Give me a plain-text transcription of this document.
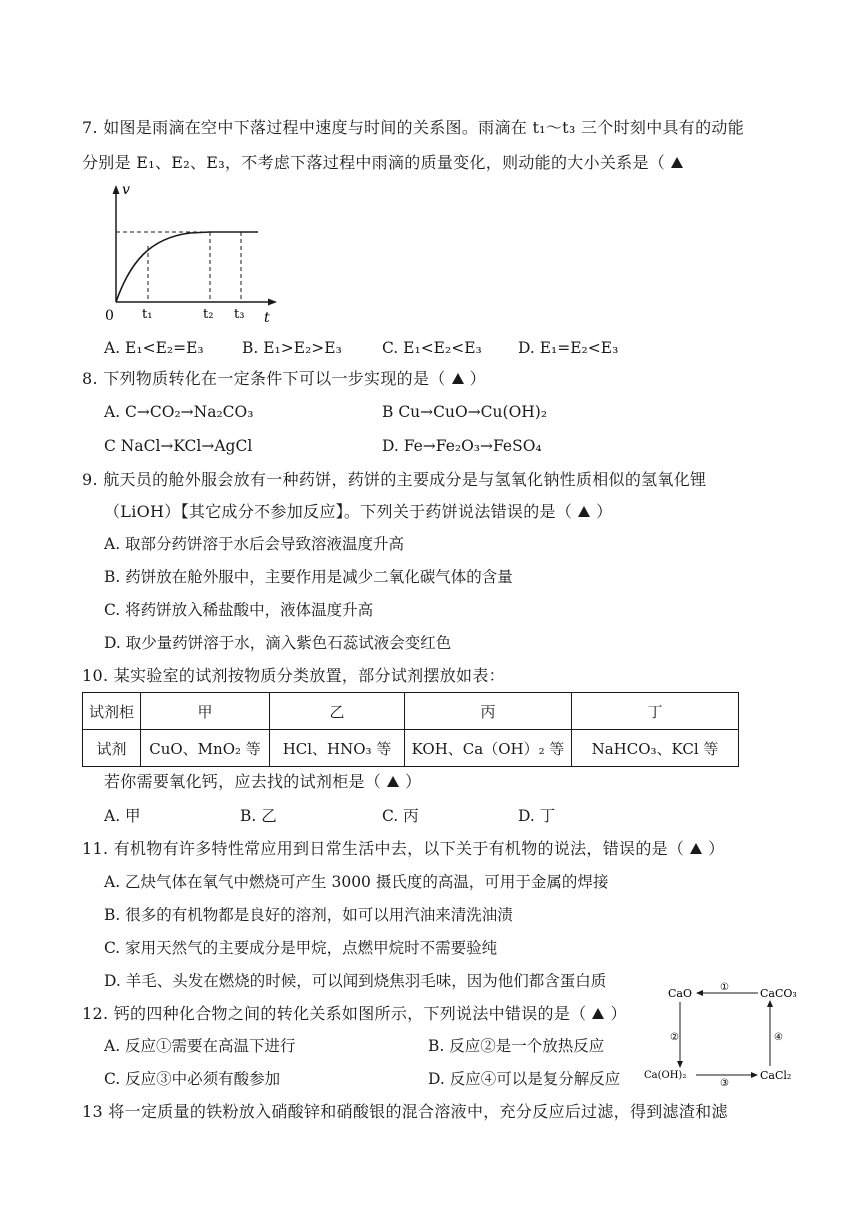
7. 如图是雨滴在空中下落过程中速度与时间的关系图。雨滴在 t₁～t₃ 三个时刻中具有的动能
分别是 E₁、E₂、E₃，不考虑下落过程中雨滴的质量变化，则动能的大小关系是（
v
t
0 t₁	t₂ t₃
A. E₁<E₂=E₃ B. E₁>E₂>E₃	C. E₁<E₂<E₃ D. E₁=E₂<E₃
8. 下列物质转化在一定条件下可以一步实现的是（ ）
A. C→CO₂→Na₂CO₃	B Cu→CuO→Cu(OH)₂
C NaCl→KCl→AgCl	D. Fe→Fe₂O₃→FeSO₄
9. 航天员的舱外服会放有一种药饼，药饼的主要成分是与氢氧化钠性质相似的氢氧化锂
（LiOH）【其它成分不参加反应】。下列关于药饼说法错误的是（ ）
A. 取部分药饼溶于水后会导致溶液温度升高
B. 药饼放在舱外服中，主要作用是减少二氧化碳气体的含量
C. 将药饼放入稀盐酸中，液体温度升高
D. 取少量药饼溶于水，滴入紫色石蕊试液会变红色
10. 某实验室的试剂按物质分类放置，部分试剂摆放如表：
试剂柜	甲	乙	丙	丁
试剂	CuO、MnO₂ 等	HCl、HNO₃ 等	KOH、Ca（OH）₂ 等	NaHCO₃、KCl 等
若你需要氧化钙，应去找的试剂柜是（ ）
A. 甲	B. 乙	C. 丙	D. 丁
11. 有机物有许多特性常应用到日常生活中去，以下关于有机物的说法，错误的是（ ）
A. 乙炔气体在氧气中燃烧可产生 3000 摄氏度的高温，可用于金属的焊接
B. 很多的有机物都是良好的溶剂，如可以用汽油来清洗油渍
C. 家用天然气的主要成分是甲烷，点燃甲烷时不需要验纯
D. 羊毛、头发在燃烧的时候，可以闻到烧焦羽毛味，因为他们都含蛋白质
12. 钙的四种化合物之间的转化关系如图所示，下列说法中错误的是（ ）
A. 反应①需要在高温下进行	B. 反应②是一个放热反应
C. 反应③中必须有酸参加	D. 反应④可以是复分解反应
CaO	CaCO₃
Ca(OH)₂	CaCl₂
①
②
③
④
13 将一定质量的铁粉放入硝酸锌和硝酸银的混合溶液中，充分反应后过滤，得到滤渣和滤
